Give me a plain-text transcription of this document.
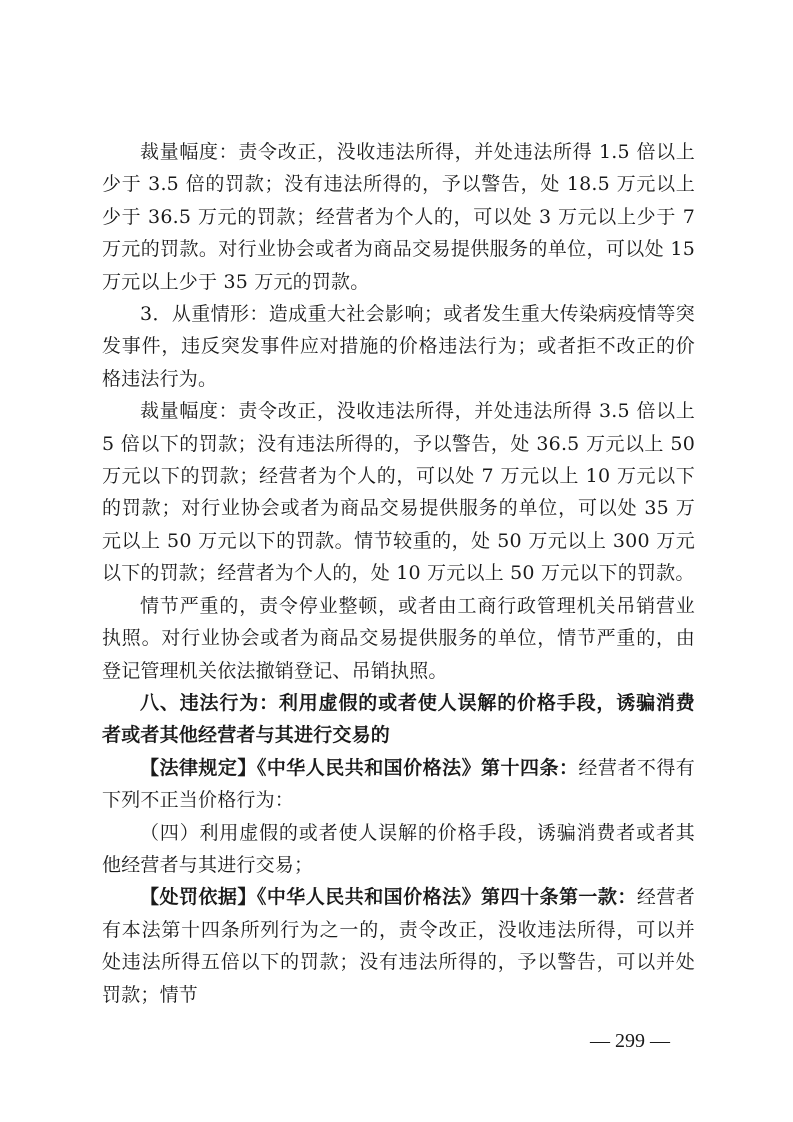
裁量幅度：责令改正，没收违法所得，并处违法所得 1.5 倍以上少于 3.5 倍的罚款；没有违法所得的，予以警告，处 18.5 万元以上少于 36.5 万元的罚款；经营者为个人的，可以处 3 万元以上少于 7 万元的罚款。对行业协会或者为商品交易提供服务的单位，可以处 15 万元以上少于 35 万元的罚款。

3．从重情形：造成重大社会影响；或者发生重大传染病疫情等突发事件，违反突发事件应对措施的价格违法行为；或者拒不改正的价格违法行为。

裁量幅度：责令改正，没收违法所得，并处违法所得 3.5 倍以上 5 倍以下的罚款；没有违法所得的，予以警告，处 36.5 万元以上 50 万元以下的罚款；经营者为个人的，可以处 7 万元以上 10 万元以下的罚款；对行业协会或者为商品交易提供服务的单位，可以处 35 万元以上 50 万元以下的罚款。情节较重的，处 50 万元以上 300 万元以下的罚款；经营者为个人的，处 10 万元以上 50 万元以下的罚款。

情节严重的，责令停业整顿，或者由工商行政管理机关吊销营业执照。对行业协会或者为商品交易提供服务的单位，情节严重的，由登记管理机关依法撤销登记、吊销执照。

八、违法行为：利用虚假的或者使人误解的价格手段，诱骗消费者或者其他经营者与其进行交易的

【法律规定】《中华人民共和国价格法》第十四条：经营者不得有下列不正当价格行为：

（四）利用虚假的或者使人误解的价格手段，诱骗消费者或者其他经营者与其进行交易；

【处罚依据】《中华人民共和国价格法》第四十条第一款：经营者有本法第十四条所列行为之一的，责令改正，没收违法所得，可以并处违法所得五倍以下的罚款；没有违法所得的，予以警告，可以并处罚款；情节

— 299 —
